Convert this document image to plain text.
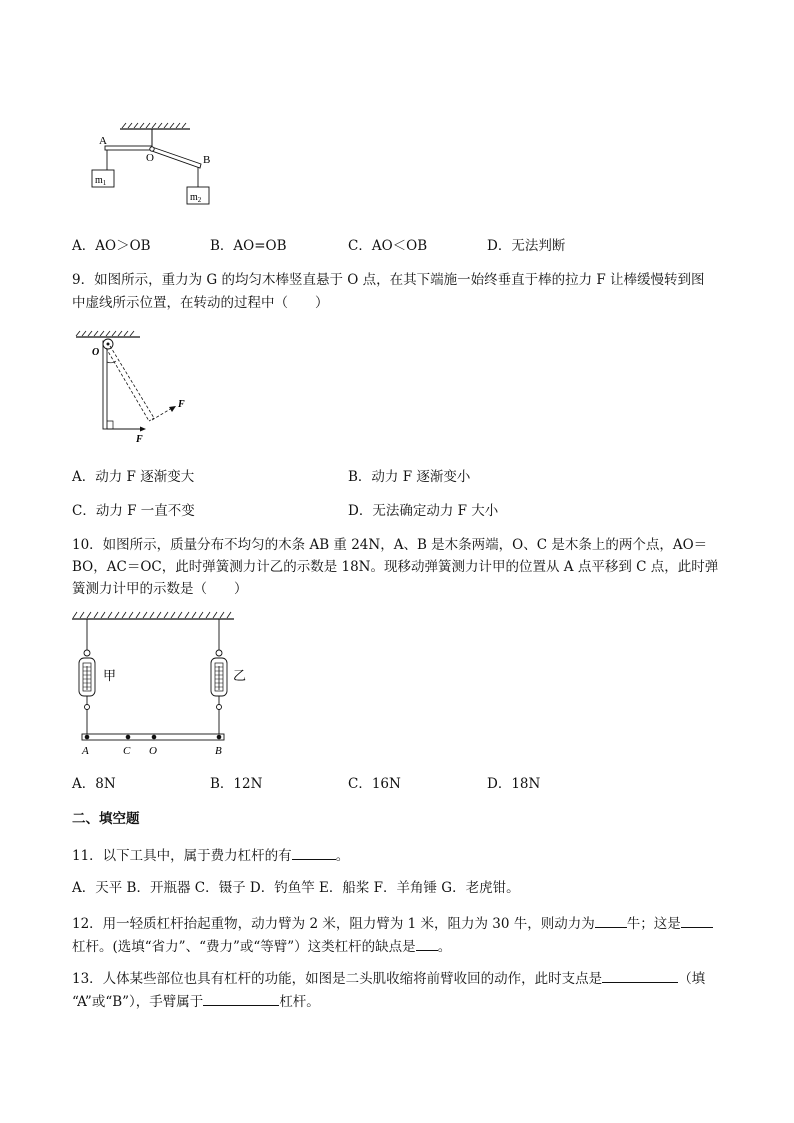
A
O	B
$m_1$
$m_2$
A．AO＞OB	B．AO=OB	C．AO＜OB	D．无法判断
9．如图所示，重力为 G 的均匀木棒竖直悬于 O 点，在其下端施一始终垂直于棒的拉力 F 让棒缓慢转到图
中虚线所示位置，在转动的过程中（　　）
O
F
F
A．动力 F 逐渐变大	B．动力 F 逐渐变小
C．动力 F 一直不变	D．无法确定动力 F 大小
10．如图所示，质量分布不均匀的木条 AB 重 24N，A、B 是木条两端，O、C 是木条上的两个点，AO＝
BO，AC＝OC，此时弹簧测力计乙的示数是 18N。现移动弹簧测力计甲的位置从 A 点平移到 C 点，此时弹
簧测力计甲的示数是（　　）
甲	乙
A	C O	B
A．8N	B．12N	C．16N	D．18N
二、填空题
11．以下工具中，属于费力杠杆的有	。
A．天平 B．开瓶器 C．镊子 D．钓鱼竿 E．船桨 F．羊角锤 G．老虎钳。
12．用一轻质杠杆抬起重物，动力臂为 2 米，阻力臂为 1 米，阻力为 30 牛，则动力为 牛；这是
杠杆。(选填“省力”、“费力”或“等臂”）这类杠杆的缺点是 。
13．人体某些部位也具有杠杆的功能，如图是二头肌收缩将前臂收回的动作，此时支点是	（填
“A”或“B”），手臂属于	杠杆。
